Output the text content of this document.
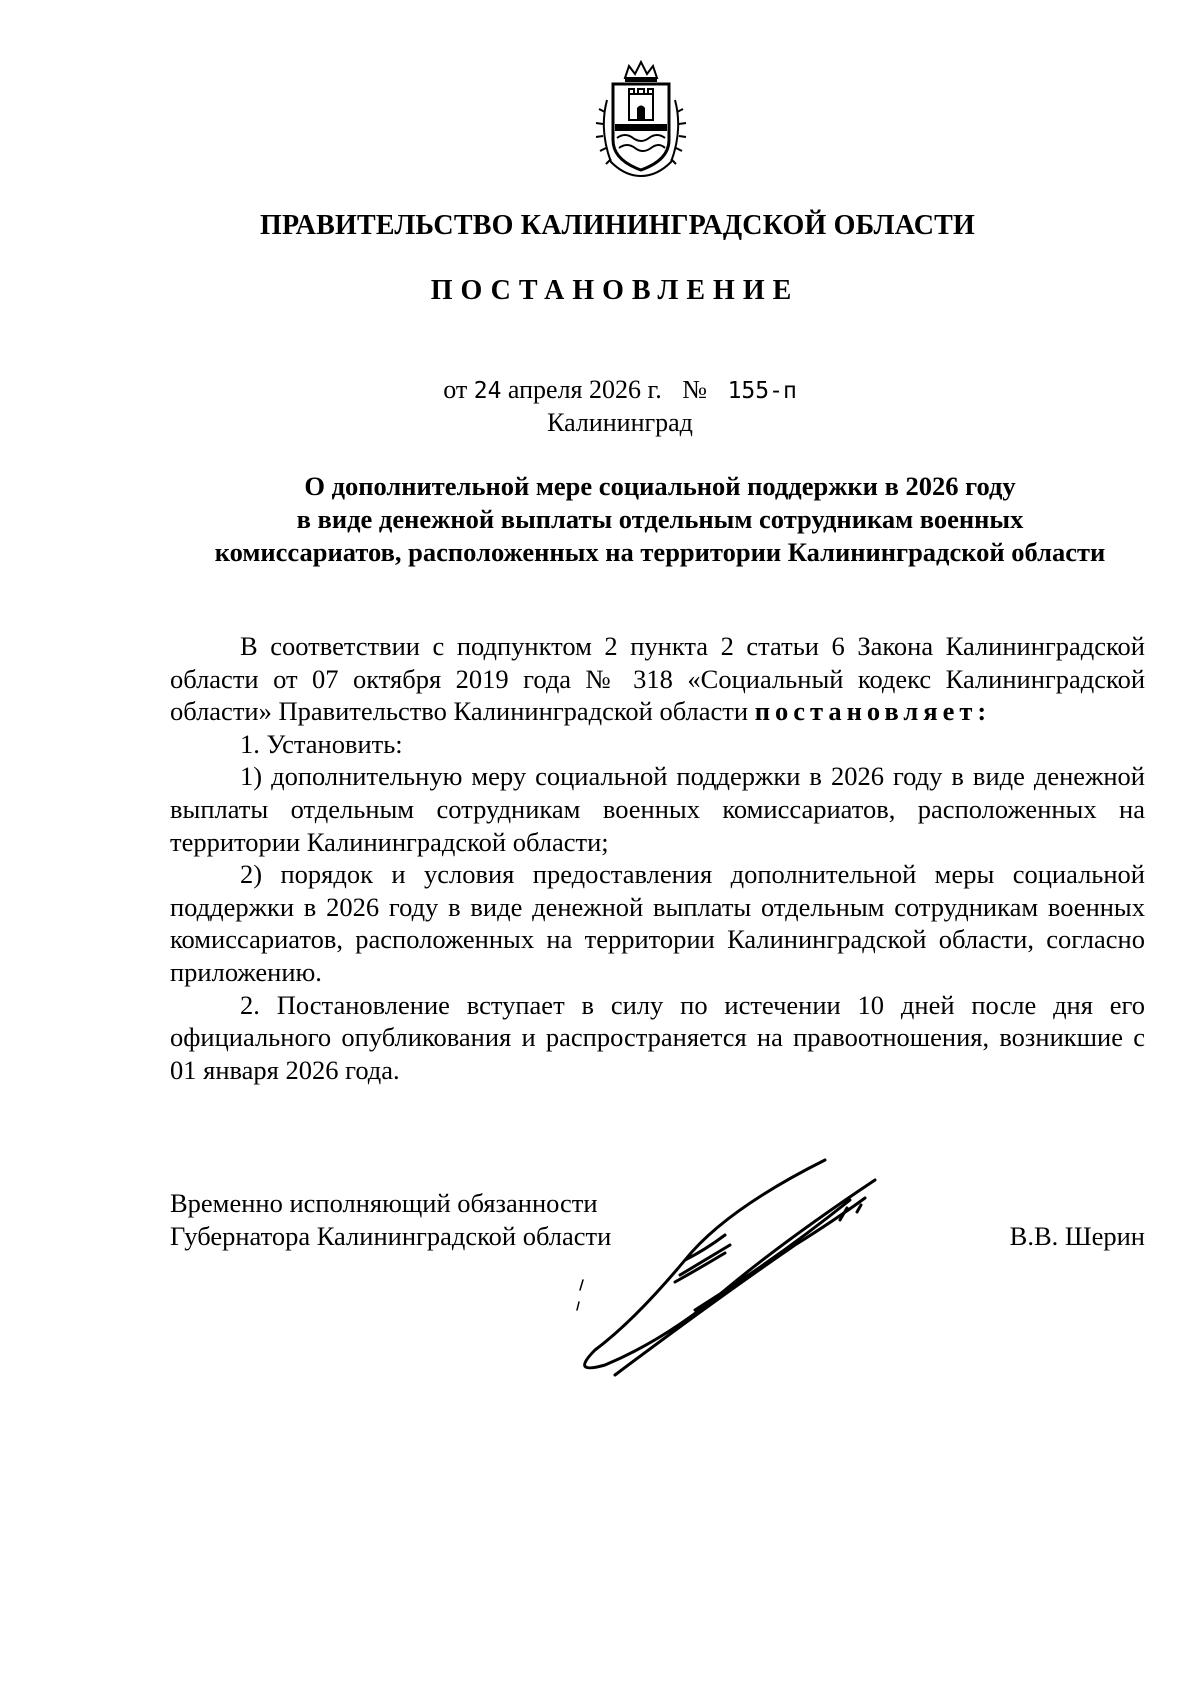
ПРАВИТЕЛЬСТВО КАЛИНИНГРАДСКОЙ ОБЛАСТИ
ПОСТАНОВЛЕНИЕ
от 24 апреля 2026 г. № 155-п
Калининград
О дополнительной мере социальной поддержки в 2026 году
в виде денежной выплаты отдельным сотрудникам военных
комиссариатов, расположенных на территории Калининградской области

В соответствии с подпунктом 2 пункта 2 статьи 6 Закона Калининградской области от 07 октября 2019 года № 318 «Социальный кодекс Калининградской области» Правительство Калининградской области постановляет:

1. Установить:

1) дополнительную меру социальной поддержки в 2026 году в виде денежной выплаты отдельным сотрудникам военных комиссариатов, расположенных на территории Калининградской области;

2) порядок и условия предоставления дополнительной меры социальной поддержки в 2026 году в виде денежной выплаты отдельным сотрудникам военных комиссариатов, расположенных на территории Калининградской области, согласно приложению.

2. Постановление вступает в силу по истечении 10 дней после дня его официального опубликования и распространяется на правоотношения, возникшие с 01 января 2026 года.

Временно исполняющий обязанности
Губернатора Калининградской области	В.В. Шерин
